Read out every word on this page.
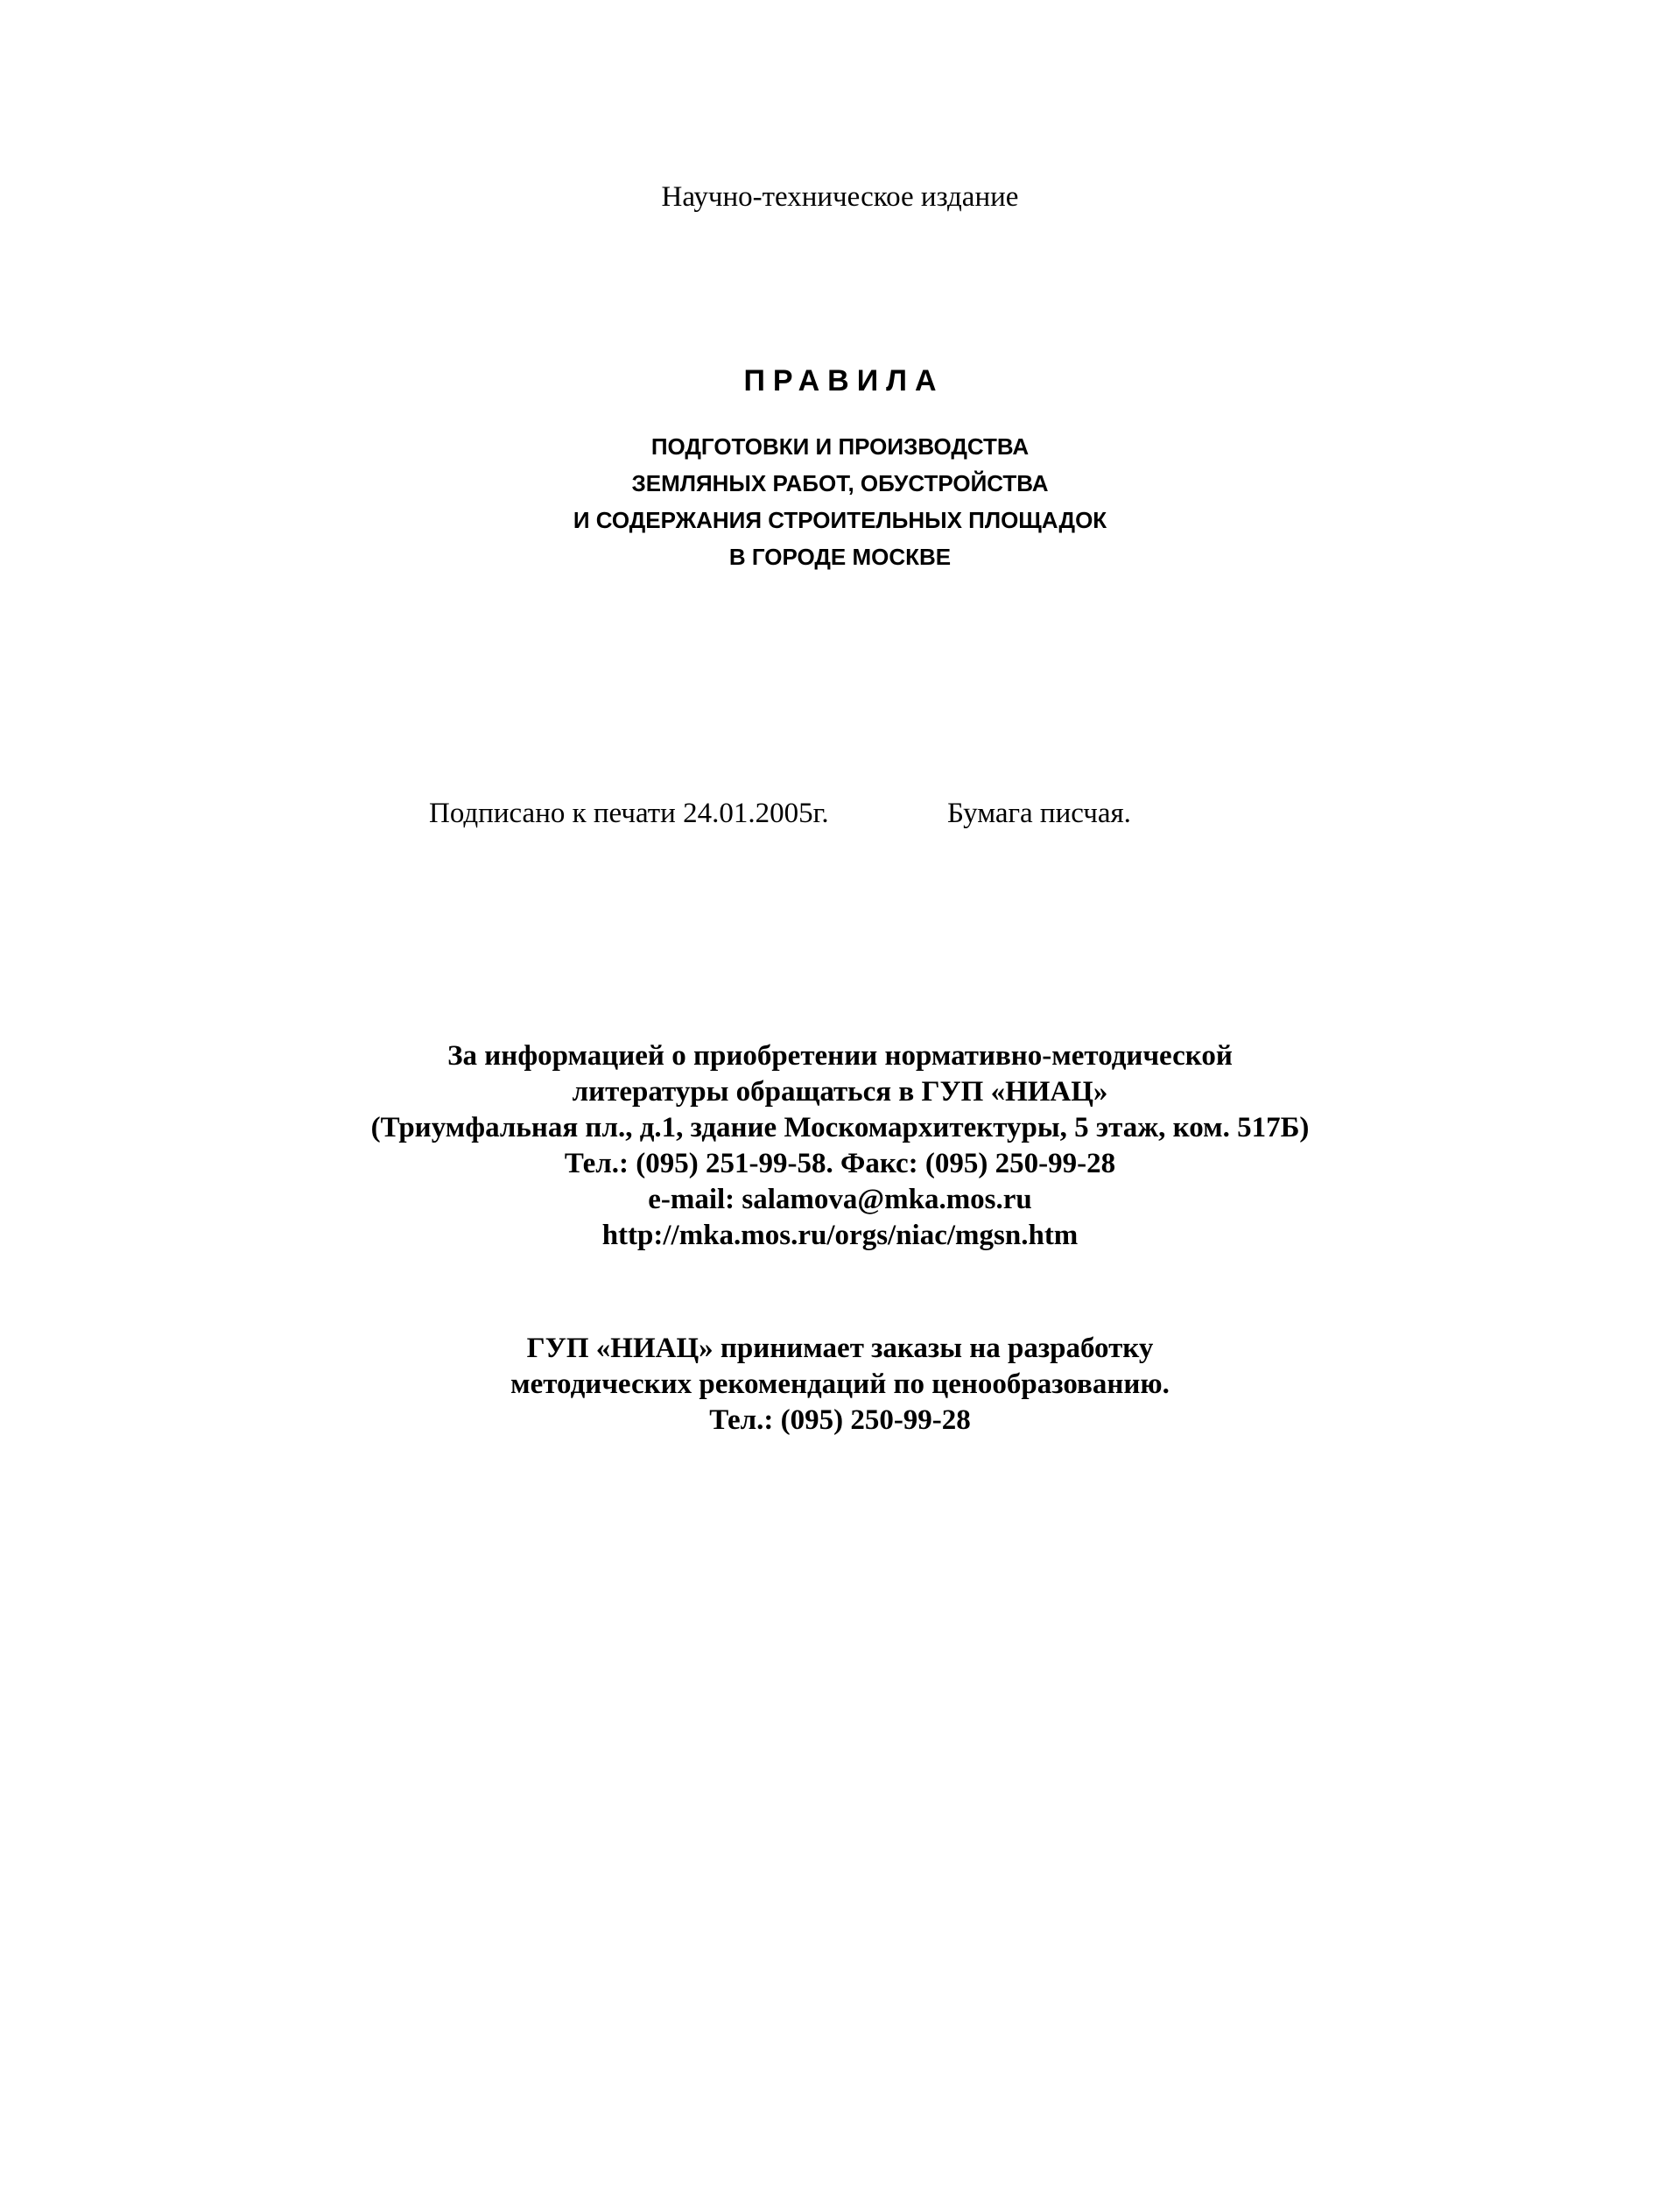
Научно-техническое издание
ПРАВИЛА
ПОДГОТОВКИ И ПРОИЗВОДСТВА
ЗЕМЛЯНЫХ РАБОТ, ОБУСТРОЙСТВА
И СОДЕРЖАНИЯ СТРОИТЕЛЬНЫХ ПЛОЩАДОК
В ГОРОДЕ МОСКВЕ
Подписано к печати 24.01.2005г.	Бумага писчая.
За информацией о приобретении нормативно-методической
литературы обращаться в ГУП «НИАЦ»
(Триумфальная пл., д.1, здание Москомархитектуры, 5 этаж, ком. 517Б)
Тел.: (095) 251-99-58. Факс: (095) 250-99-28
e-mail: salamova@mka.mos.ru
http://mka.mos.ru/orgs/niac/mgsn.htm
ГУП «НИАЦ» принимает заказы на разработку
методических рекомендаций по ценообразованию.
Тел.: (095) 250-99-28
